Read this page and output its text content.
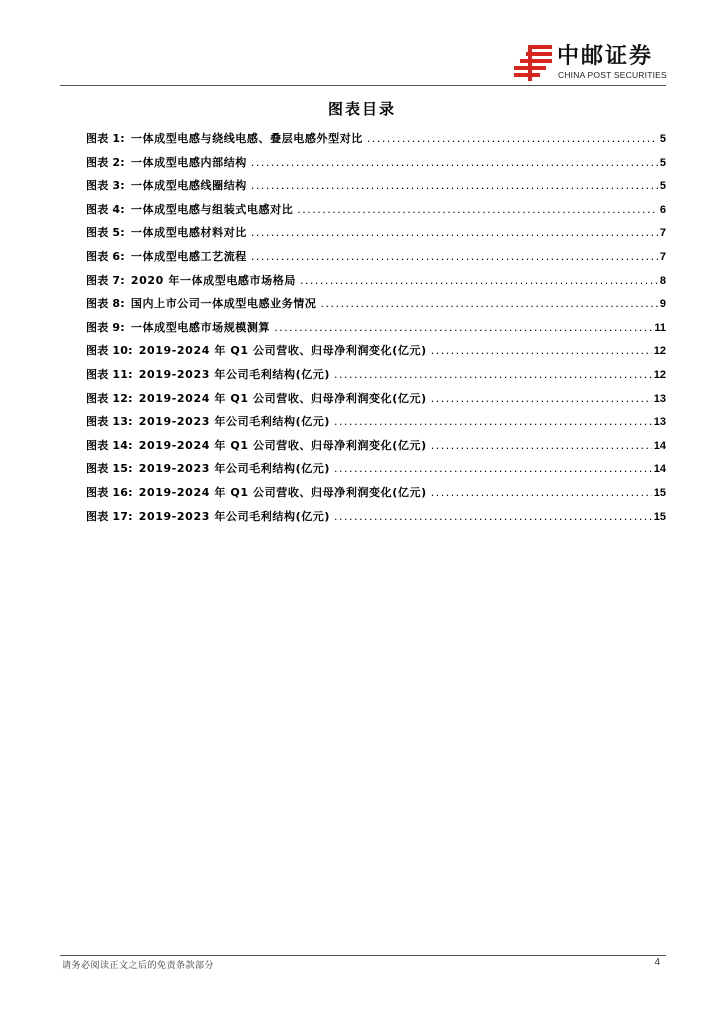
中邮证券
CHINA POST SECURITIES
图表目录
图表 1: 一体成型电感与绕线电感、叠层电感外型对比 .....	5
图表 2: 一体成型电感内部结构 .....	5
图表 3: 一体成型电感线圈结构 .....	5
图表 4: 一体成型电感与组装式电感对比 .....	6
图表 5: 一体成型电感材料对比 .....	7
图表 6: 一体成型电感工艺流程 .....	7
图表 7: 2020 年一体成型电感市场格局 .....	8
图表 8: 国内上市公司一体成型电感业务情况 .....	9
图表 9: 一体成型电感市场规模测算 .....	11
图表 10: 2019-2024 年 Q1 公司营收、归母净利润变化(亿元) .....	12
图表 11: 2019-2023 年公司毛利结构(亿元) .....	12
图表 12: 2019-2024 年 Q1 公司营收、归母净利润变化(亿元) .....	13
图表 13: 2019-2023 年公司毛利结构(亿元) .....	13
图表 14: 2019-2024 年 Q1 公司营收、归母净利润变化(亿元) .....	14
图表 15: 2019-2023 年公司毛利结构(亿元) .....	14
图表 16: 2019-2024 年 Q1 公司营收、归母净利润变化(亿元) .....	15
图表 17: 2019-2023 年公司毛利结构(亿元) .....	15
请务必阅读正文之后的免责条款部分	4
